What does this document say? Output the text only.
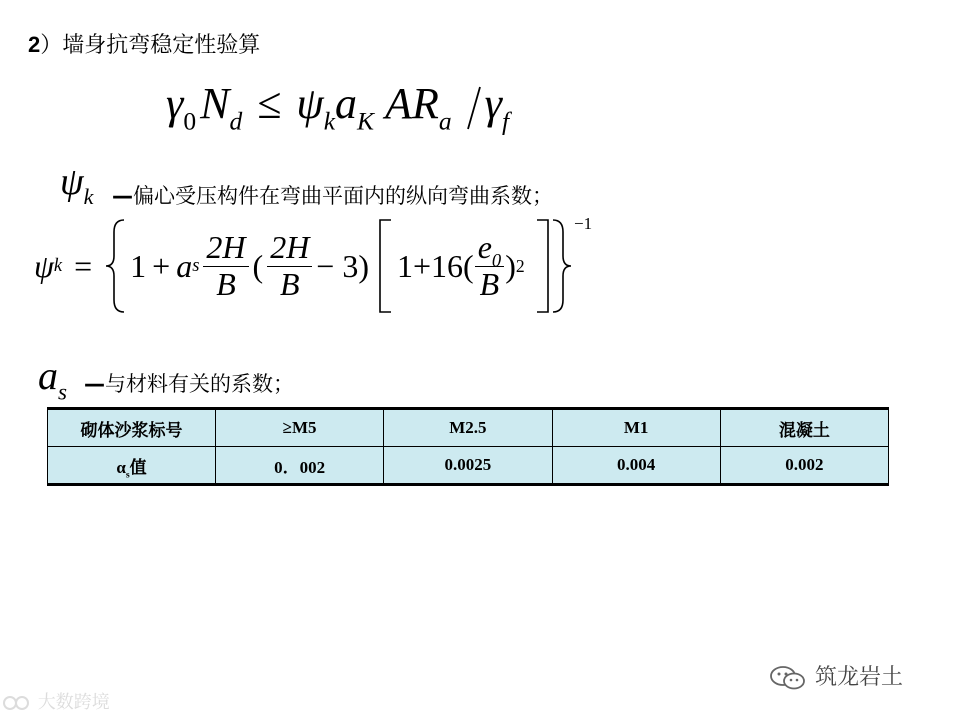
2）墙身抗弯稳定性验算
$\gamma_0N_d \le \psi_ka_K$ $AR_a$ $\gamma_f$
$\psi_k$ —偏心受压构件在弯曲平面内的纵向弯曲系数；
ψ k = 1 + a s $\frac{2H}{B}$ ( $\frac{2H}{B} - 3$) $1 +16( \frac{e_0}{B}$ ) 2
−1
$a_s$ —与材料有关的系数；
砌体沙浆标号	≥M5	M2.5	M1	混凝土
$\alpha_s$值	0．002	0.0025	0.004	0.002
大数跨境
筑龙岩土
